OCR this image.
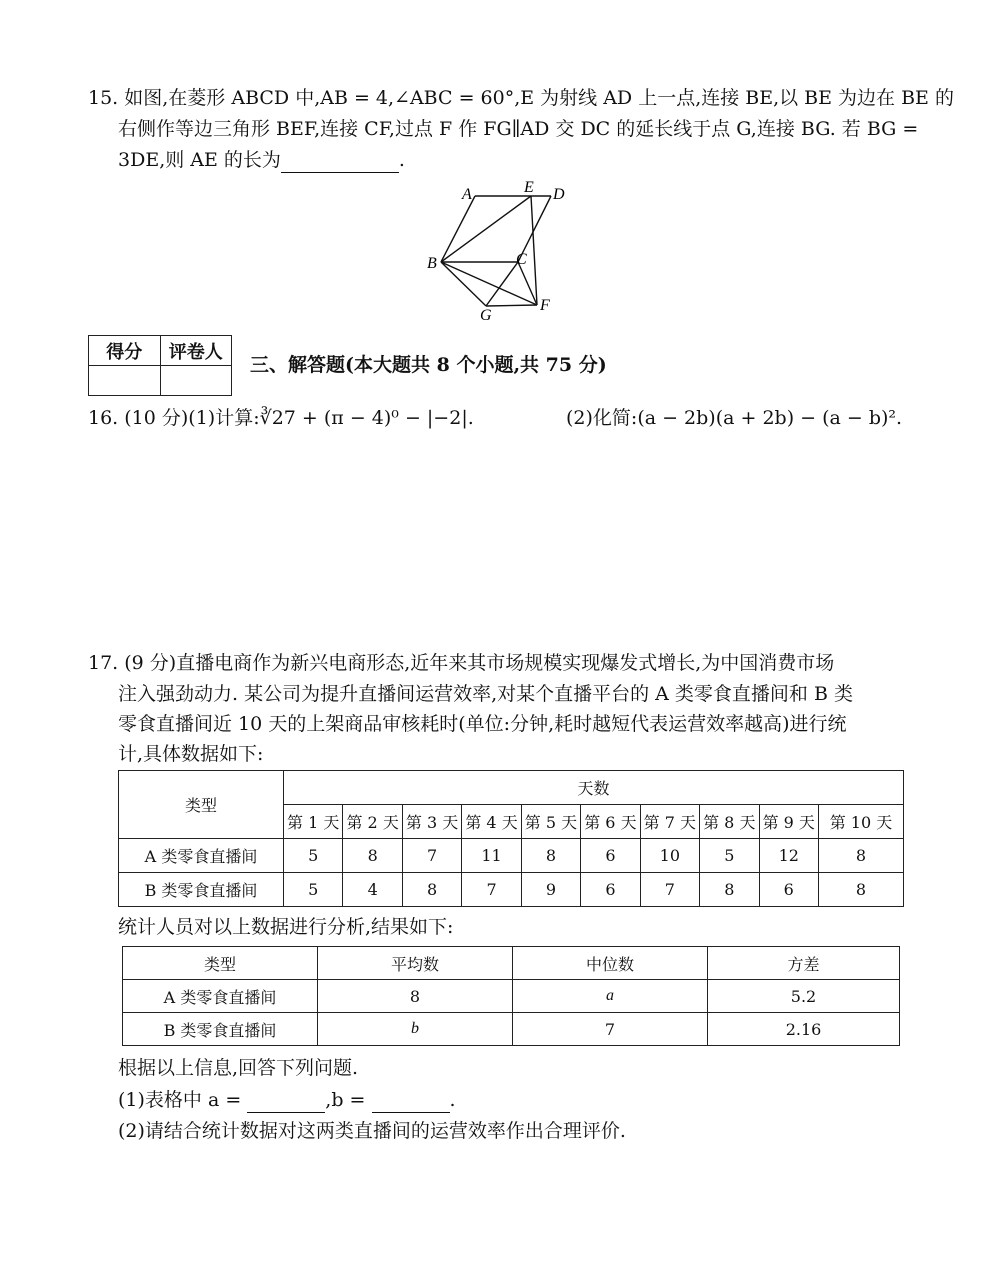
15. 如图,在菱形 ABCD 中,AB = 4,∠ABC = 60°,E 为射线 AD 上一点,连接 BE,以 BE 为边在 BE 的
右侧作等边三角形 BEF,连接 CF,过点 F 作 FG∥AD 交 DC 的延长线于点 G,连接 BG. 若 BG =
3DE,则 AE 的长为	.
A	E D
B	C
G
F
得分	评卷人

三、解答题(本大题共 8 个小题,共 75 分)
16. (10 分)(1)计算:∛27 + (π − 4)⁰ − |−2|.	(2)化简:(a − 2b)(a + 2b) − (a − b)².
17. (9 分)直播电商作为新兴电商形态,近年来其市场规模实现爆发式增长,为中国消费市场
注入强劲动力. 某公司为提升直播间运营效率,对某个直播平台的 A 类零食直播间和 B 类
零食直播间近 10 天的上架商品审核耗时(单位:分钟,耗时越短代表运营效率越高)进行统
计,具体数据如下:
类型	天数									
	第 1 天	第 2 天	第 3 天	第 4 天	第 5 天	第 6 天	第 7 天	第 8 天	第 9 天	第 10 天
A 类零食直播间	5	8	7	11	8	6	10	5	12	8
B 类零食直播间	5	4	8	7	9	6	7	8	6	8
统计人员对以上数据进行分析,结果如下:
类型	平均数	中位数	方差
A 类零食直播间	8	a	5.2
B 类零食直播间	b	7	2.16
根据以上信息,回答下列问题.
(1)表格中 a =	,b =	.
(2)请结合统计数据对这两类直播间的运营效率作出合理评价.
